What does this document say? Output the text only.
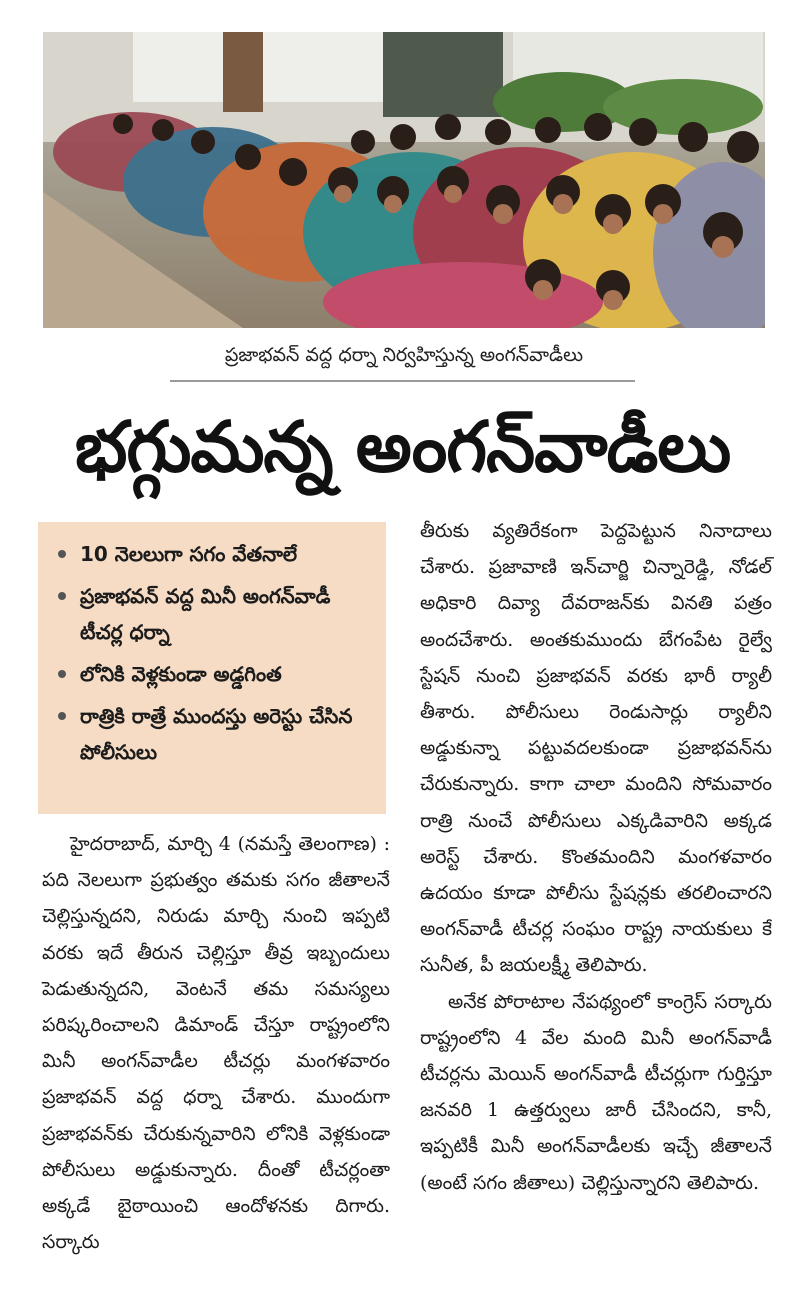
ప్రజాభవన్ వద్ద ధర్నా నిర్వహిస్తున్న అంగన్‌వాడీలు
భగ్గుమన్న అంగన్‌వాడీలు
10 నెలలుగా సగం వేతనాలే
ప్రజాభవన్ వద్ద మినీ అంగన్‌వాడీ టీచర్ల ధర్నా
లోనికి వెళ్లకుండా అడ్డగింత
రాత్రికి రాత్రే ముందస్తు అరెస్టు చేసిన పోలీసులు

హైదరాబాద్, మార్చి 4 (నమస్తే తెలంగాణ) : పది నెలలుగా ప్రభుత్వం తమకు సగం జీతాలనే చెల్లిస్తున్నదని, నిరుడు మార్చి నుంచి ఇప్పటి వరకు ఇదే తీరున చెల్లిస్తూ తీవ్ర ఇబ్బందులు పెడుతున్నదని, వెంటనే తమ సమస్యలు పరిష్కరించాలని డిమాండ్ చేస్తూ రాష్ట్రంలోని మినీ అంగన్‌వాడీల టీచర్లు మంగళవారం ప్రజాభవన్ వద్ద ధర్నా చేశారు. ముందుగా ప్రజాభవన్‌కు చేరుకున్నవారిని లోనికి వెళ్లకుండా పోలీసులు అడ్డుకున్నారు. దీంతో టీచర్లంతా అక్కడే బైఠాయించి ఆందోళనకు దిగారు. సర్కారు

తీరుకు వ్యతిరేకంగా పెద్దపెట్టున నినాదాలు చేశారు. ప్రజావాణి ఇన్‌చార్జి చిన్నారెడ్డి, నోడల్ అధికారి దివ్యా దేవరాజన్‌కు వినతి పత్రం అందచేశారు. అంతకుముందు బేగంపేట రైల్వే స్టేషన్ నుంచి ప్రజాభవన్ వరకు భారీ ర్యాలీ తీశారు. పోలీసులు రెండుసార్లు ర్యాలీని అడ్డుకున్నా పట్టువదలకుండా ప్రజాభవన్‌ను చేరుకున్నారు. కాగా చాలా మందిని సోమవారం రాత్రి నుంచే పోలీసులు ఎక్కడివారిని అక్కడ అరెస్ట్ చేశారు. కొంతమందిని మంగళవారం ఉదయం కూడా పోలీసు స్టేషన్లకు తరలించారని అంగన్‌వాడీ టీచర్ల సంఘం రాష్ట్ర నాయకులు కే సునీత, పీ జయలక్ష్మీ తెలిపారు.

అనేక పోరాటాల నేపథ్యంలో కాంగ్రెస్ సర్కారు రాష్ట్రంలోని 4 వేల మంది మినీ అంగన్‌వాడీ టీచర్లను మెయిన్ అంగన్‌వాడీ టీచర్లుగా గుర్తిస్తూ జనవరి 1 ఉత్తర్వులు జారీ చేసిందని, కానీ, ఇప్పటికీ మినీ అంగన్‌వాడీలకు ఇచ్చే జీతాలనే (అంటే సగం జీతాలు) చెల్లిస్తున్నారని తెలిపారు.
